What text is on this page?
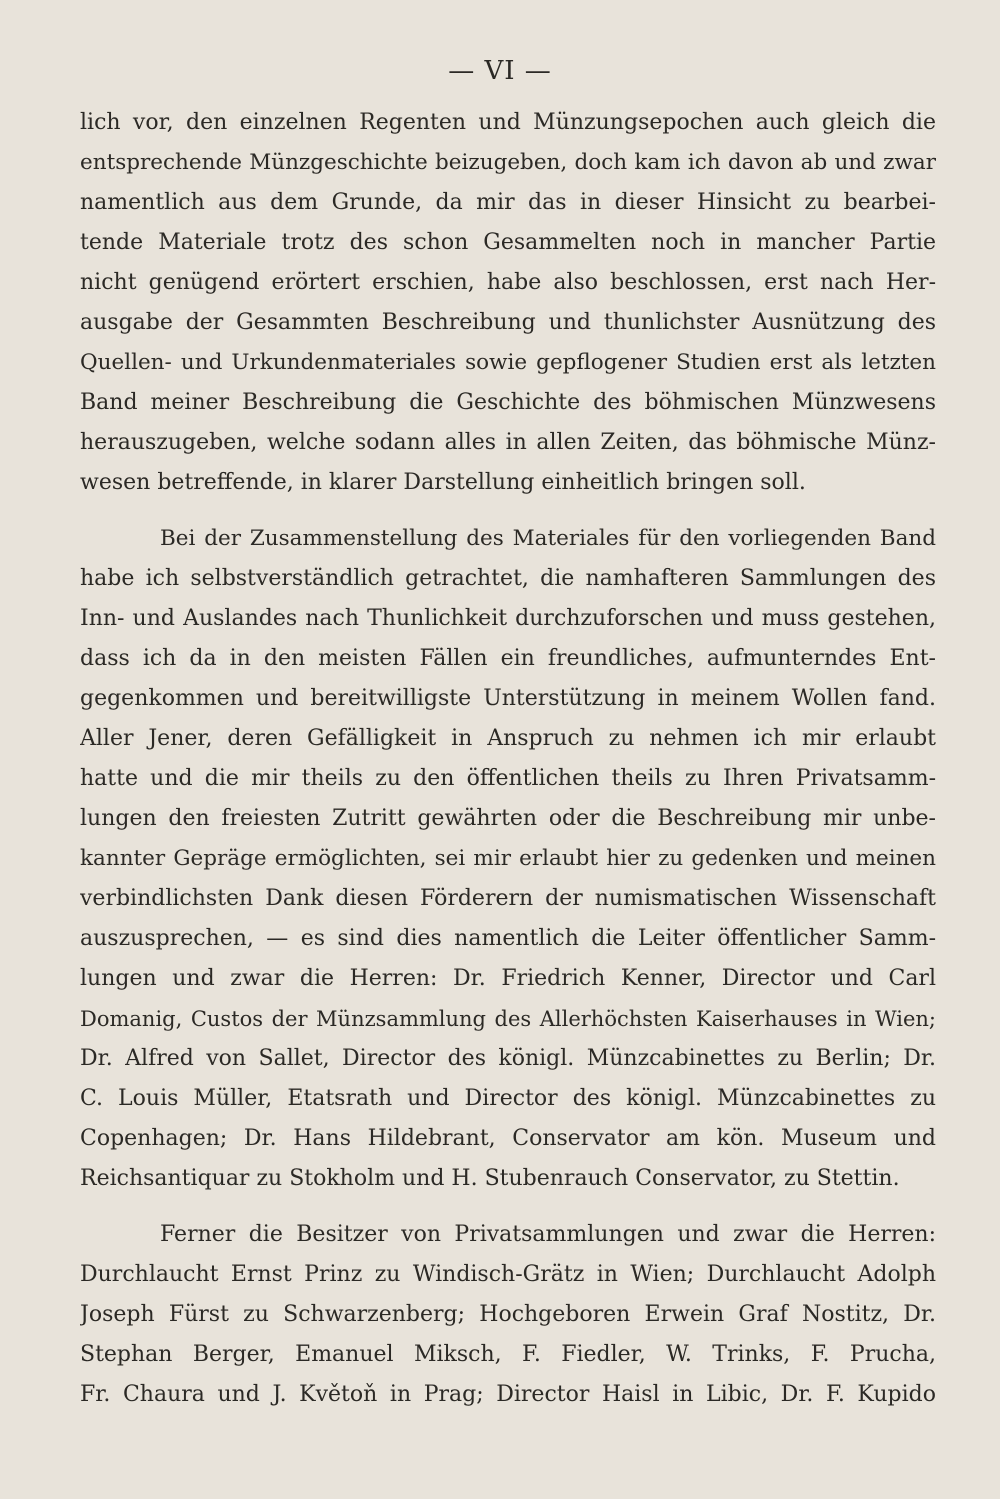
— VI —
lich vor, den einzelnen Regenten und Münzungsepochen auch gleich die
entsprechende Münzgeschichte beizugeben, doch kam ich davon ab und zwar
namentlich aus dem Grunde, da mir das in dieser Hinsicht zu bearbei-
tende Materiale trotz des schon Gesammelten noch in mancher Partie
nicht genügend erörtert erschien, habe also beschlossen, erst nach Her-
ausgabe der Gesammten Beschreibung und thunlichster Ausnützung des
Quellen- und Urkundenmateriales sowie gepflogener Studien erst als letzten
Band meiner Beschreibung die Geschichte des böhmischen Münzwesens
herauszugeben, welche sodann alles in allen Zeiten, das böhmische Münz-
wesen betreffende, in klarer Darstellung einheitlich bringen soll.
Bei der Zusammenstellung des Materiales für den vorliegenden Band
habe ich selbstverständlich getrachtet, die namhafteren Sammlungen des
Inn- und Auslandes nach Thunlichkeit durchzuforschen und muss gestehen,
dass ich da in den meisten Fällen ein freundliches, aufmunterndes Ent-
gegenkommen und bereitwilligste Unterstützung in meinem Wollen fand.
Aller Jener, deren Gefälligkeit in Anspruch zu nehmen ich mir erlaubt
hatte und die mir theils zu den öffentlichen theils zu Ihren Privatsamm-
lungen den freiesten Zutritt gewährten oder die Beschreibung mir unbe-
kannter Gepräge ermöglichten, sei mir erlaubt hier zu gedenken und meinen
verbindlichsten Dank diesen Förderern der numismatischen Wissenschaft
auszusprechen, — es sind dies namentlich die Leiter öffentlicher Samm-
lungen und zwar die Herren: Dr. Friedrich Kenner, Director und Carl
Domanig, Custos der Münzsammlung des Allerhöchsten Kaiserhauses in Wien;
Dr. Alfred von Sallet, Director des königl. Münzcabinettes zu Berlin; Dr.
C. Louis Müller, Etatsrath und Director des königl. Münzcabinettes zu
Copenhagen; Dr. Hans Hildebrant, Conservator am kön. Museum und
Reichsantiquar zu Stokholm und H. Stubenrauch Conservator, zu Stettin.
Ferner die Besitzer von Privatsammlungen und zwar die Herren:
Durchlaucht Ernst Prinz zu Windisch-Grätz in Wien; Durchlaucht Adolph
Joseph Fürst zu Schwarzenberg; Hochgeboren Erwein Graf Nostitz, Dr.
Stephan Berger, Emanuel Miksch, F. Fiedler, W. Trinks, F. Prucha,
Fr. Chaura und J. Květoň in Prag; Director Haisl in Libic, Dr. F. Kupido
